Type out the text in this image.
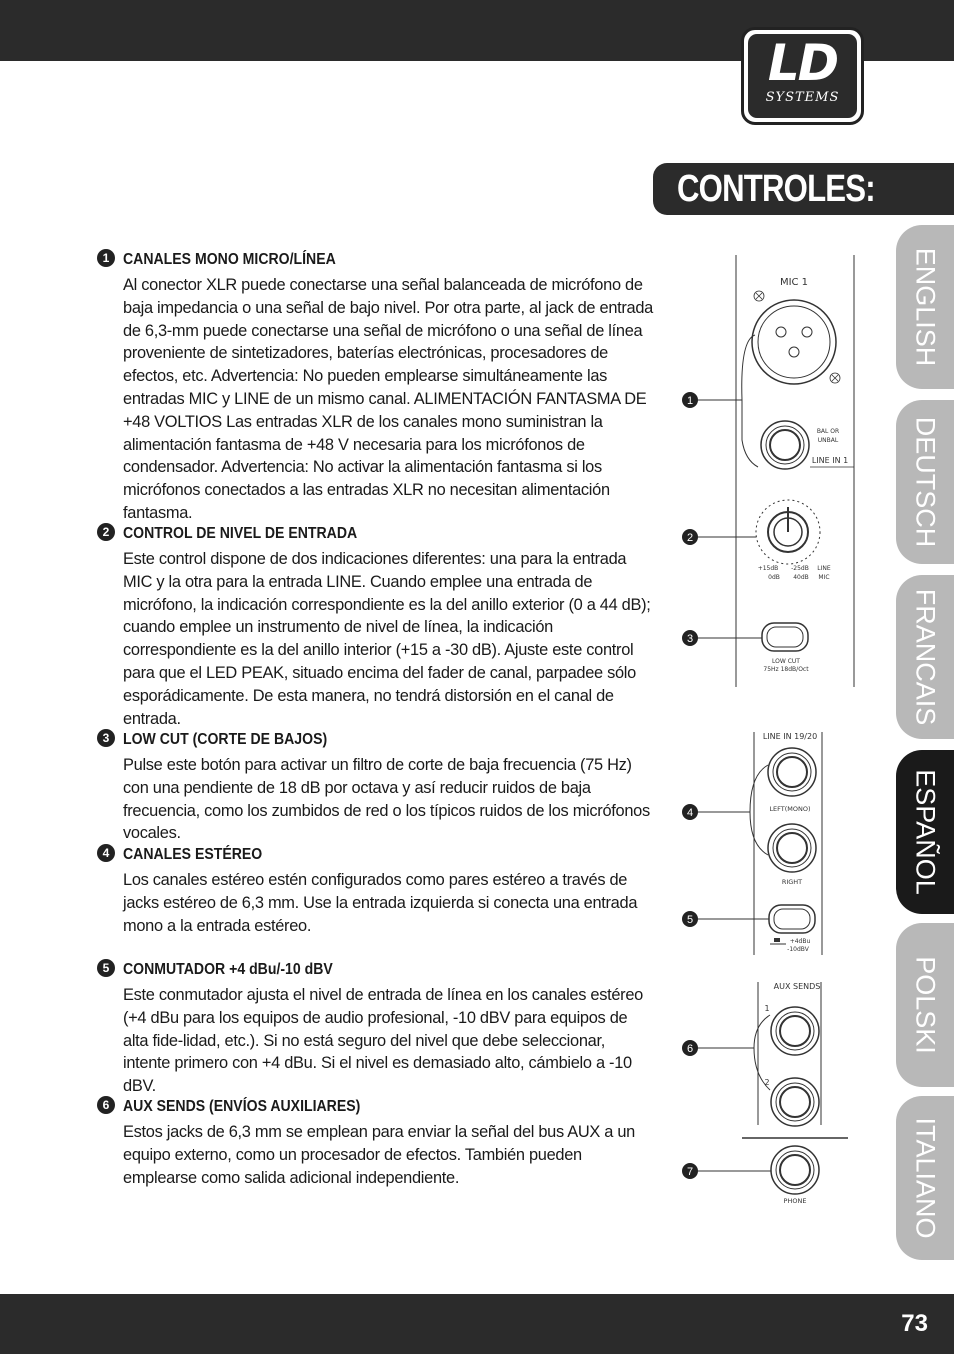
LD
SYSTEMS
CONTROLES:
ENGLISH
DEUTSCH
FRANCAIS
ESPAÑOL
POLSKI
ITALIANO
1 CANALES MONO MICRO/LÍNEA
Al conector XLR puede conectarse una señal balanceada de micrófono de baja impedancia o una señal de bajo nivel. Por otra parte, al jack de entrada de 6,3-mm puede conectarse una señal de micrófono o una señal de línea proveniente de sintetizadores, baterías electrónicas, procesadores de efectos, etc. Advertencia: No pueden emplearse simultáneamente las entradas MIC y LINE de un mismo canal. ALIMENTACIÓN FANTASMA DE +48 VOLTIOS Las entradas XLR de los canales mono suministran la alimentación fantasma de +48 V necesaria para los micrófonos de condensador. Advertencia: No activar la alimentación fantasma si los micrófonos conectados a las entradas XLR no necesitan alimentación fantasma.
2 CONTROL DE NIVEL DE ENTRADA
Este control dispone de dos indicaciones diferentes: una para la entrada MIC y la otra para la entrada LINE. Cuando emplee una entrada de micrófono, la indicación correspondiente es la del anillo exterior (0 a 44 dB); cuando emplee un instrumento de nivel de línea, la indicación correspondiente es la del anillo interior (+15 a -30 dB). Ajuste este control para que el LED PEAK, situado encima del fader de canal, parpadee sólo esporádicamente. De esta manera, no tendrá distorsión en el canal de entrada.
3 LOW CUT (CORTE DE BAJOS)
Pulse este botón para activar un filtro de corte de baja frecuencia (75 Hz) con una pendiente de 18 dB por octava y así reducir ruidos de baja frecuencia, como los zumbidos de red o los típicos ruidos de los micrófonos vocales.
4 CANALES ESTÉREO
Los canales estéreo estén configurados como pares estéreo a través de jacks estéreo de 6,3 mm. Use la entrada izquierda si conecta una entrada mono a la entrada estéreo.
5 CONMUTADOR +4 dBu/-10 dBV
Este conmutador ajusta el nivel de entrada de línea en los canales estéreo (+4 dBu para los equipos de audio profesional, -10 dBV para equipos de alta fide-lidad, etc.). Si no está seguro del nivel que debe seleccionar, intente primero con +4 dBu. Si el nivel es demasiado alto, cámbielo a -10 dBV.
6 AUX SENDS (ENVÍOS AUXILIARES)
Estos jacks de 6,3 mm se emplean para enviar la señal del bus AUX a un equipo externo, como un procesador de efectos. También pueden emplearse como salida adicional independiente.
MIC 1
BAL OR
UNBAL
LINE IN 1
+15dB
0dB
-25dB
40dB
LINE
MIC
LOW CUT
75Hz 18dB/Oct
1
2
3
LINE IN 19/20
LEFT(MONO)
RIGHT
+4dBu
-10dBV
4
5
AUX SENDS
1
2
PHONE
6
7
73
